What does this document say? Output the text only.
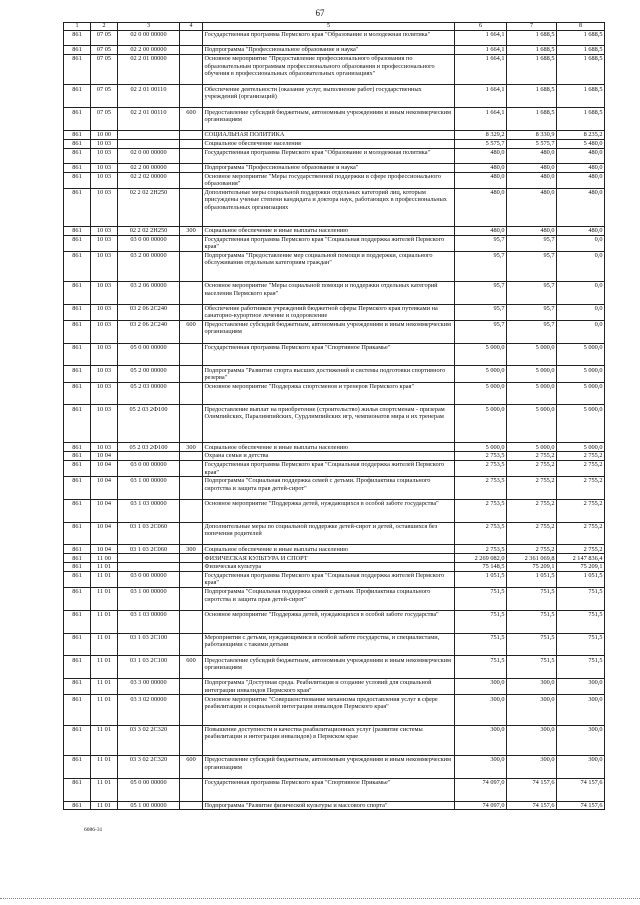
67
1	2	3	4	5	6	7	8
861	07 05	02 0 00 00000		Государственная программа Пермского края "Образование и молодежная политика"	1 664,1	1 688,5	1 688,5
861	07 05	02 2 00 00000		Подпрограмма "Профессиональное образование и наука"	1 664,1	1 688,5	1 688,5
861	07 05	02 2 01 00000		Основное мероприятие "Предоставление профессионального образования по образовательным программам профессионального образования и профессионального обучения в профессиональных образовательных организациях"	1 664,1	1 688,5	1 688,5
861	07 05	02 2 01 00110		Обеспечение деятельности (оказание услуг, выполнение работ) государственных учреждений (организаций)	1 664,1	1 688,5	1 688,5
861	07 05	02 2 01 00110	600	Предоставление субсидий бюджетным, автономным учреждениям и иным некоммерческим организациям	1 664,1	1 688,5	1 688,5
861	10 00			СОЦИАЛЬНАЯ ПОЛИТИКА	8 329,2	8 330,9	8 235,2
861	10 03			Социальное обеспечение населения	5 575,7	5 575,7	5 480,0
861	10 03	02 0 00 00000		Государственная программа Пермского края "Образование и молодежная политика"	480,0	480,0	480,0
861	10 03	02 2 00 00000		Подпрограмма "Профессиональное образование и наука"	480,0	480,0	480,0
861	10 03	02 2 02 00000		Основное мероприятие "Меры государственной поддержки в сфере профессионального образования"	480,0	480,0	480,0
861	10 03	02 2 02 2Н250		Дополнительные меры социальной поддержки отдельных категорий лиц, которым присуждены ученые степени кандидата и доктора наук, работающих в профессиональных образовательных организациях	480,0	480,0	480,0
861	10 03	02 2 02 2Н250	300	Социальное обеспечение и иные выплаты населению	480,0	480,0	480,0
861	10 03	03 0 00 00000		Государственная программа Пермского края "Социальная поддержка жителей Пермского края"	95,7	95,7	0,0
861	10 03	03 2 00 00000		Подпрограмма "Предоставление мер социальной помощи и поддержки, социального обслуживания отдельным категориям граждан"	95,7	95,7	0,0
861	10 03	03 2 06 00000		Основное мероприятие "Меры социальной помощи и поддержки отдельных категорий населения Пермского края"	95,7	95,7	0,0
861	10 03	03 2 06 2С240		Обеспечение работников учреждений бюджетной сферы Пермского края путевками на санаторно-курортное лечение и оздоровление	95,7	95,7	0,0
861	10 03	03 2 06 2С240	600	Предоставление субсидий бюджетным, автономным учреждениям и иным некоммерческим организациям	95,7	95,7	0,0
861	10 03	05 0 00 00000		Государственная программа Пермского края "Спортивное Прикамье"	5 000,0	5 000,0	5 000,0
861	10 03	05 2 00 00000		Подпрограмма "Развитие спорта высших достижений и системы подготовки спортивного резерва"	5 000,0	5 000,0	5 000,0
861	10 03	05 2 03 00000		Основное мероприятие "Поддержка спортсменов и тренеров Пермского края"	5 000,0	5 000,0	5 000,0
861	10 03	05 2 03 2Ф100		Предоставление выплат на приобретение (строительство) жилья спортсменам - призерам Олимпийских, Паралимпийских, Сурдлимпийских игр, чемпионатов мира и их тренерам	5 000,0	5 000,0	5 000,0
861	10 03	05 2 03 2Ф100	300	Социальное обеспечение и иные выплаты населению	5 000,0	5 000,0	5 000,0
861	10 04			Охрана семьи и детства	2 753,5	2 755,2	2 755,2
861	10 04	03 0 00 00000		Государственная программа Пермского края "Социальная поддержка жителей Пермского края"	2 753,5	2 755,2	2 755,2
861	10 04	03 1 00 00000		Подпрограмма "Социальная поддержка семей с детьми. Профилактика социального сиротства и защита прав детей-сирот"	2 753,5	2 755,2	2 755,2
861	10 04	03 1 03 00000		Основное мероприятие "Поддержка детей, нуждающихся в особой заботе государства"	2 753,5	2 755,2	2 755,2
861	10 04	03 1 03 2С060		Дополнительные меры по социальной поддержке детей-сирот и детей, оставшихся без попечения родителей	2 753,5	2 755,2	2 755,2
861	10 04	03 1 03 2С060	300	Социальное обеспечение и иные выплаты населению	2 753,5	2 755,2	2 755,2
861	11 00			ФИЗИЧЕСКАЯ КУЛЬТУРА И СПОРТ	2 269 082,0	2 361 069,8	2 147 836,4
861	11 01			Физическая культура	75 148,5	75 209,1	75 209,1
861	11 01	03 0 00 00000		Государственная программа Пермского края "Социальная поддержка жителей Пермского края"	1 051,5	1 051,5	1 051,5
861	11 01	03 1 00 00000		Подпрограмма "Социальная поддержка семей с детьми. Профилактика социального сиротства и защита прав детей-сирот"	751,5	751,5	751,5
861	11 01	03 1 03 00000		Основное мероприятие "Поддержка детей, нуждающихся в особой заботе государства"	751,5	751,5	751,5
861	11 01	03 1 03 2С100		Мероприятия с детьми, нуждающимися в особой заботе государства, и специалистами, работающими с такими детьми	751,5	751,5	751,5
861	11 01	03 1 03 2С100	600	Предоставление субсидий бюджетным, автономным учреждениям и иным некоммерческим организациям	751,5	751,5	751,5
861	11 01	03 3 00 00000		Подпрограмма "Доступная среда. Реабилитация и создание условий для социальной интеграции инвалидов Пермского края"	300,0	300,0	300,0
861	11 01	03 3 02 00000		Основное мероприятие "Совершенствование механизма предоставления услуг в сфере реабилитации и социальной интеграции инвалидов Пермского края"	300,0	300,0	300,0
861	11 01	03 3 02 2С320		Повышение доступности и качества реабилитационных услуг (развитие системы реабилитации и интеграции инвалидов) в Пермском крае	300,0	300,0	300,0
861	11 01	03 3 02 2С320	600	Предоставление субсидий бюджетным, автономным учреждениям и иным некоммерческим организациям	300,0	300,0	300,0
861	11 01	05 0 00 00000		Государственная программа Пермского края "Спортивное Прикамье"	74 097,0	74 157,6	74 157,6
861	11 01	05 1 00 00000		Подпрограмма "Развитие физической культуры и массового спорта"	74 097,0	74 157,6	74 157,6
6086-31
